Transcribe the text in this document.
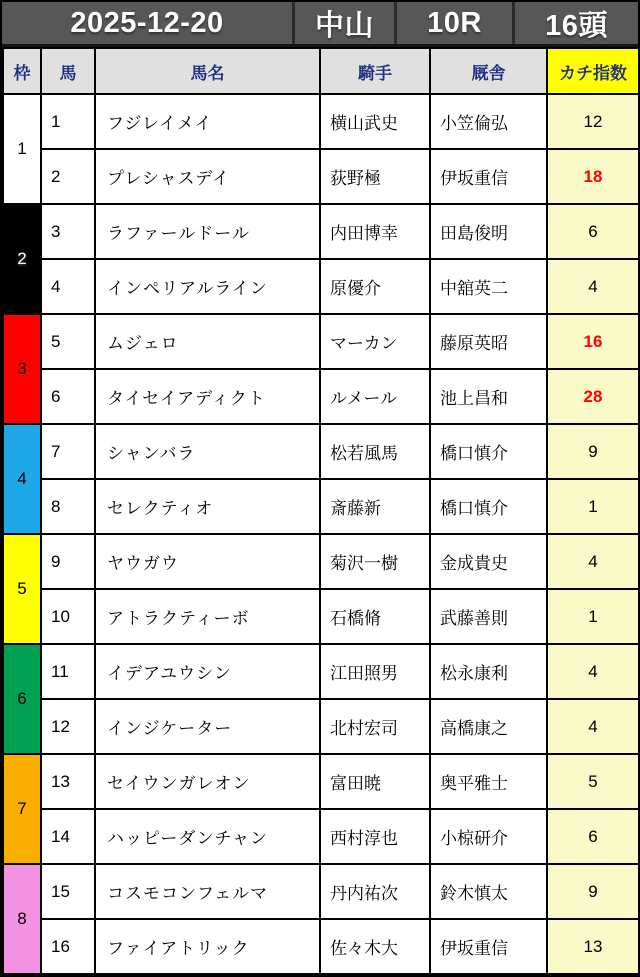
2025-12-20	中山	10R	16頭
枠	馬	馬名	騎手	厩舎	カチ指数
1	1	フジレイメイ	横山武史	小笠倫弘	12
	2	プレシャスデイ	荻野極	伊坂重信	18
2	3	ラファールドール	内田博幸	田島俊明	6
	4	インペリアルライン	原優介	中舘英二	4
3	5	ムジェロ	マーカン	藤原英昭	16
	6	タイセイアディクト	ルメール	池上昌和	28
4	7	シャンバラ	松若風馬	橋口慎介	9
	8	セレクティオ	斎藤新	橋口慎介	1
5	9	ヤウガウ	菊沢一樹	金成貴史	4
	10	アトラクティーボ	石橋脩	武藤善則	1
6	11	イデアユウシン	江田照男	松永康利	4
	12	インジケーター	北村宏司	高橋康之	4
7	13	セイウンガレオン	富田暁	奥平雅士	5
	14	ハッピーダンチャン	西村淳也	小椋研介	6
8	15	コスモコンフェルマ	丹内祐次	鈴木慎太	9
	16	ファイアトリック	佐々木大	伊坂重信	13
